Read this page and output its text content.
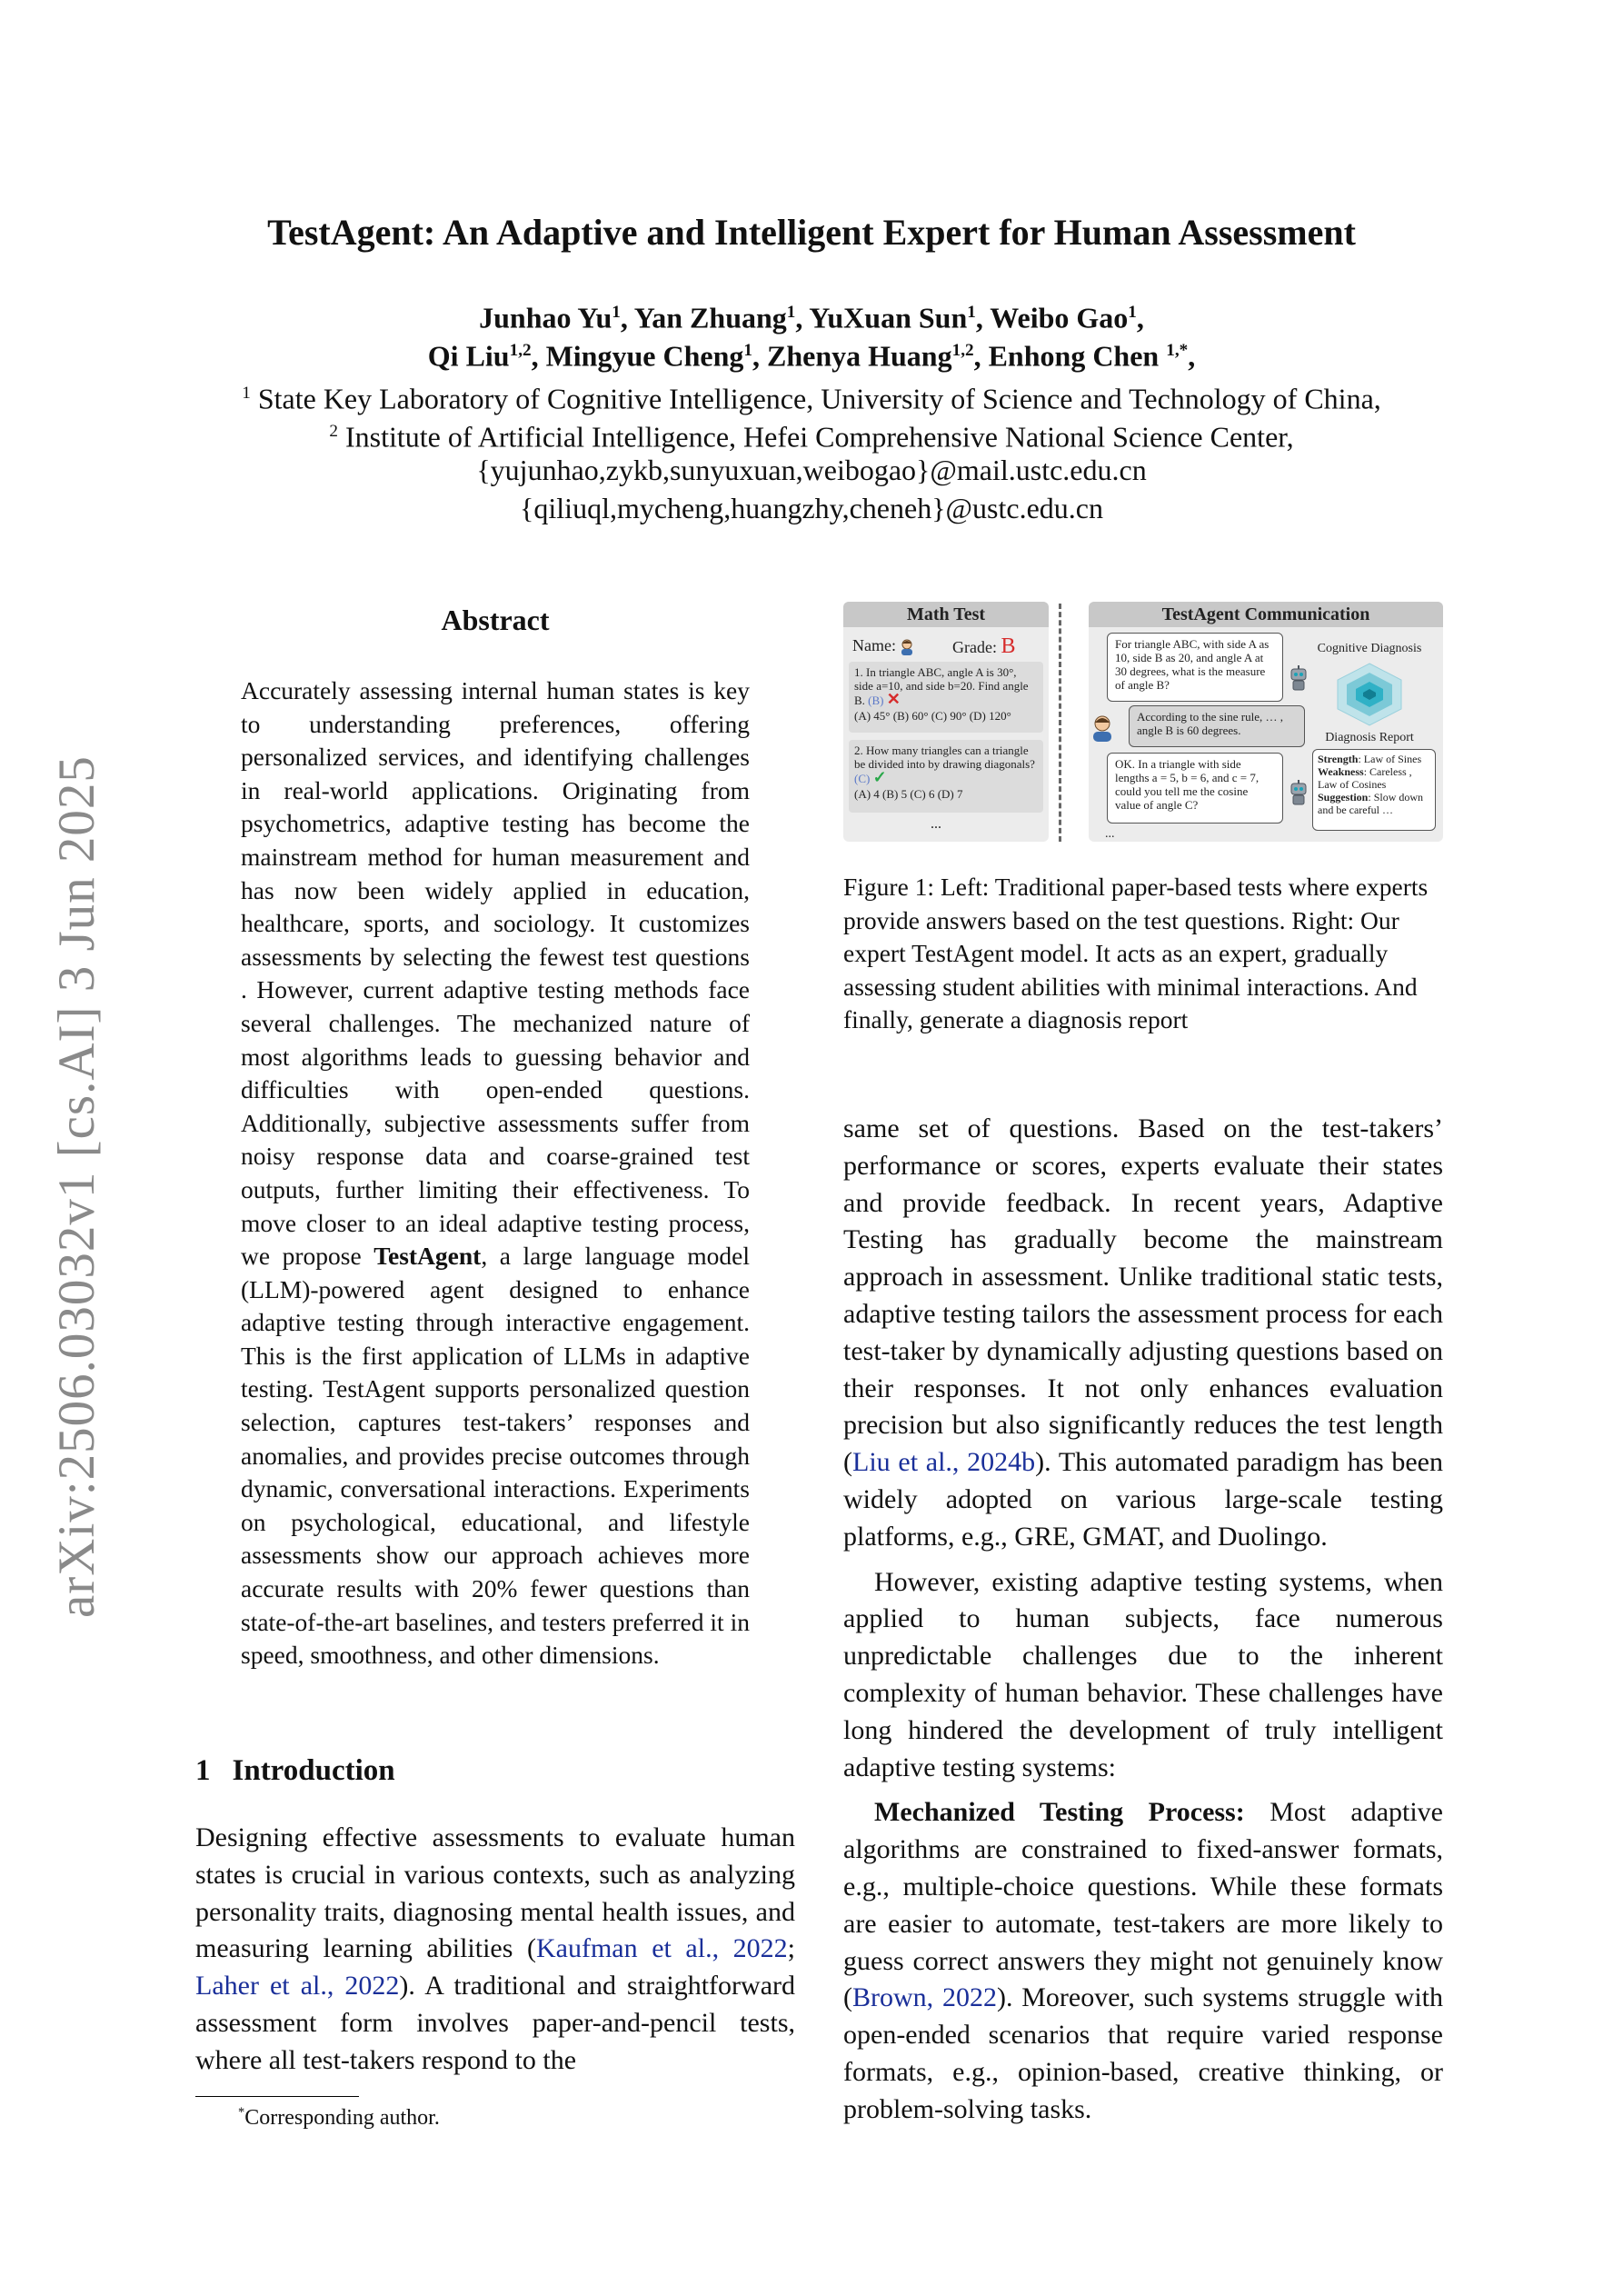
arXiv:2506.03032v1 [cs.AI] 3 Jun 2025
TestAgent: An Adaptive and Intelligent Expert for Human Assessment
Junhao Yu$^1$, Yan Zhuang$^1$, YuXuan Sun$^1$, Weibo Gao$^1$,
Qi Liu$^{1,2}$, Mingyue Cheng$^1$, Zhenya Huang$^{1,2}$, Enhong Chen $^{1,*}$,
$^1$ State Key Laboratory of Cognitive Intelligence, University of Science and Technology of China,
$^2$ Institute of Artificial Intelligence, Hefei Comprehensive National Science Center,
{yujunhao,zykb,sunyuxuan,weibogao}@mail.ustc.edu.cn
{qiliuql,mycheng,huangzhy,cheneh}@ustc.edu.cn
Abstract
Accurately assessing internal human states is key to understanding preferences, offering personalized services, and identifying challenges in real-world applications. Originating from psychometrics, adaptive testing has become the mainstream method for human measurement and has now been widely applied in education, healthcare, sports, and sociology. It customizes assessments by selecting the fewest test questions . However, current adaptive testing methods face several challenges. The mechanized nature of most algorithms leads to guessing behavior and difficulties with open-ended questions. Additionally, subjective assessments suffer from noisy response data and coarse-grained test outputs, further limiting their effectiveness. To move closer to an ideal adaptive testing process, we propose TestAgent, a large language model (LLM)-powered agent designed to enhance adaptive testing through interactive engagement. This is the first application of LLMs in adaptive testing. TestAgent supports personalized question selection, captures test-takers’ responses and anomalies, and provides precise outcomes through dynamic, conversational interactions. Experiments on psychological, educational, and lifestyle assessments show our approach achieves more accurate results with 20% fewer questions than state-of-the-art baselines, and testers preferred it in speed, smoothness, and other dimensions.
1 Introduction
Designing effective assessments to evaluate human states is crucial in various contexts, such as analyzing personality traits, diagnosing mental health issues, and measuring learning abilities (Kaufman et al., 2022; Laher et al., 2022). A traditional and straightforward assessment form involves paper-and-pencil tests, where all test-takers respond to the
*Corresponding author.
Math Test
Name:	Grade: B
1. In triangle ABC, angle A is 30°, side a=10, and side b=20. Find angle B. (B) ✕
(A) 45° (B) 60° (C) 90° (D) 120°
2. How many triangles can a triangle be divided into by drawing diagonals? (C) ✓
(A) 4 (B) 5 (C) 6 (D) 7
...
TestAgent Communication
For triangle ABC, with side A as 10, side B as 20, and angle A at 30 degrees, what is the measure of angle B?
According to the sine rule, … , angle B is 60 degrees.
OK. In a triangle with side lengths a = 5, b = 6, and c = 7, could you tell me the cosine value of angle C?
...
Cognitive Diagnosis
Diagnosis Report
Strength: Law of Sines
Weakness: Careless , Law of Cosines
Suggestion: Slow down and be careful …
Figure 1: Left: Traditional paper-based tests where experts provide answers based on the test questions. Right: Our expert TestAgent model. It acts as an expert, gradually assessing student abilities with minimal interactions. And finally, generate a diagnosis report

same set of questions. Based on the test-takers’ performance or scores, experts evaluate their states and provide feedback. In recent years, Adaptive Testing has gradually become the mainstream approach in assessment. Unlike traditional static tests, adaptive testing tailors the assessment process for each test-taker by dynamically adjusting questions based on their responses. It not only enhances evaluation precision but also significantly reduces the test length (Liu et al., 2024b). This automated paradigm has been widely adopted on various large-scale testing platforms, e.g., GRE, GMAT, and Duolingo.

However, existing adaptive testing systems, when applied to human subjects, face numerous unpredictable challenges due to the inherent complexity of human behavior. These challenges have long hindered the development of truly intelligent adaptive testing systems:

Mechanized Testing Process: Most adaptive algorithms are constrained to fixed-answer formats, e.g., multiple-choice questions. While these formats are easier to automate, test-takers are more likely to guess correct answers they might not genuinely know (Brown, 2022). Moreover, such systems struggle with open-ended scenarios that require varied response formats, e.g., opinion-based, creative thinking, or problem-solving tasks.
